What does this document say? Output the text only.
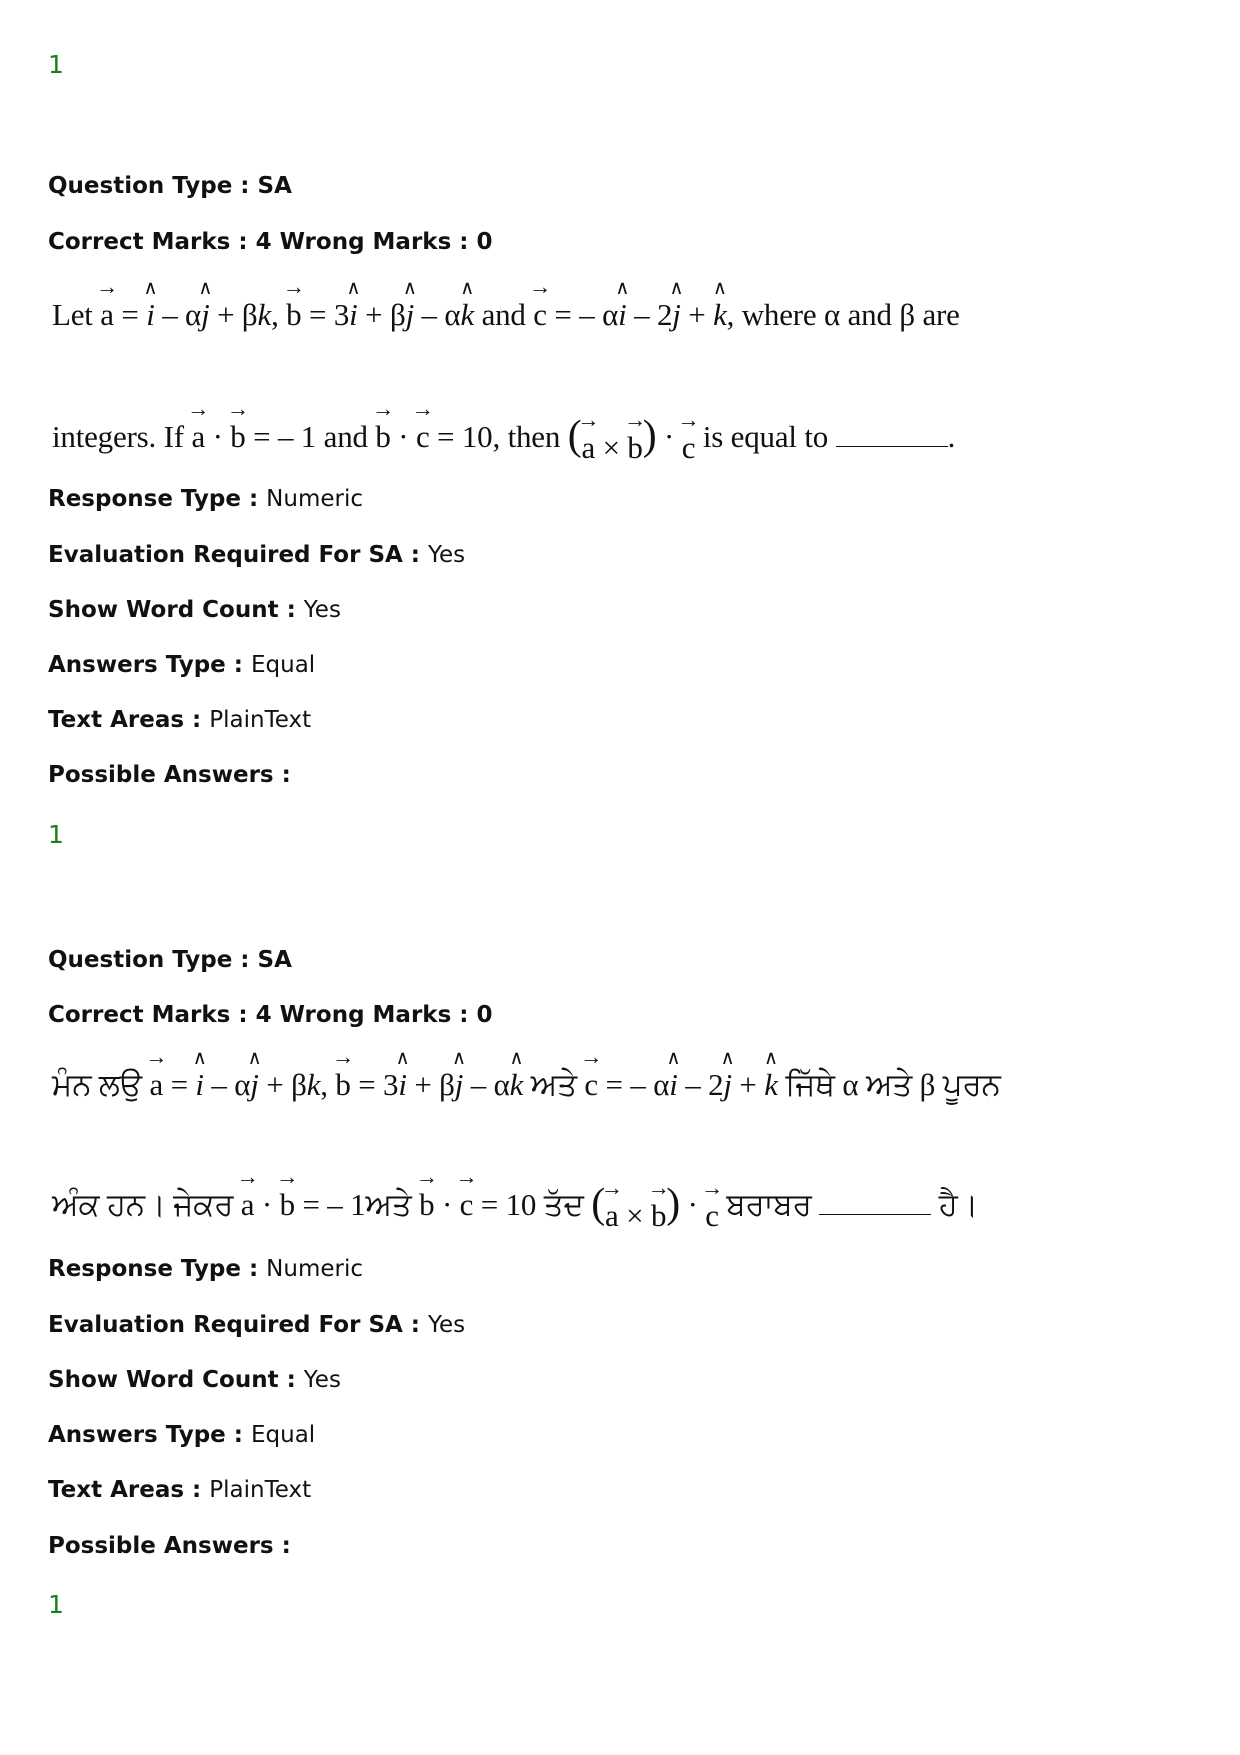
1
Question Type : SA
Correct Marks : 4 Wrong Marks : 0
Let → a = ∧ i – α∧ j + βk, → b = 3∧ i + β∧ j – α∧ k and → c = – α∧ i – 2∧ j + ∧ k, where α and β are
integers. If → a · → b = – 1 and → b · → c = 10, then (→ a × → b) · → c is equal to	.
Response Type : Numeric
Evaluation Required For SA : Yes
Show Word Count : Yes
Answers Type : Equal
Text Areas : PlainText
Possible Answers :
1
Question Type : SA
Correct Marks : 4 Wrong Marks : 0
ਮੰਨ ਲਉ → a = ∧ i – α∧ j + βk, → b = 3∧ i + β∧ j – α∧ k ਅਤੇ → c = – α∧ i – 2∧ j + ∧ k ਜਿੱਥੇ α ਅਤੇ β ਪੂਰਨ
ਅੰਕ ਹਨ। ਜੇਕਰ → a · → b = – 1ਅਤੇ → b · → c = 10 ਤੱਦ (→ a × → b) · → c ਬਰਾਬਰ	ਹੈ।
Response Type : Numeric
Evaluation Required For SA : Yes
Show Word Count : Yes
Answers Type : Equal
Text Areas : PlainText
Possible Answers :
1
